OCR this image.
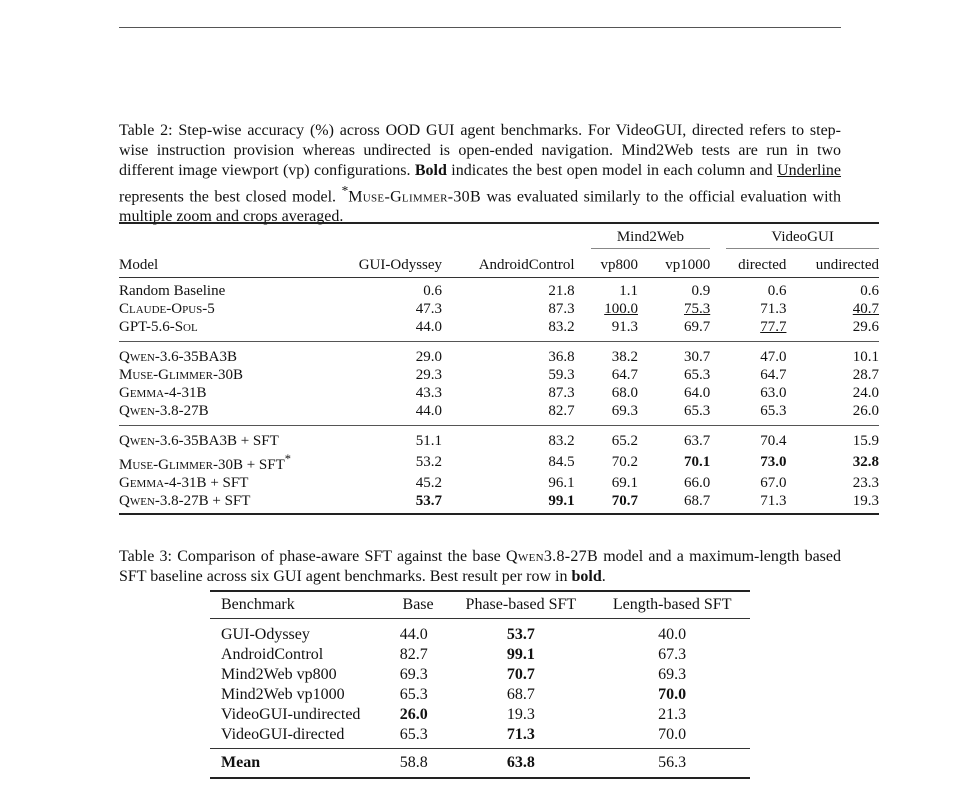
Table 2: Step-wise accuracy (%) across OOD GUI agent benchmarks. For VideoGUI, directed refers to step-wise instruction provision whereas undirected is open-ended navigation. Mind2Web tests are run in two different image viewport (vp) configurations. Bold indicates the best open model in each column and Underline represents the best closed model. *Muse-Glimmer-30B was evaluated similarly to the official evaluation with multiple zoom and crops averaged.

			Mind2Web		VideoGUI	

Model	GUI-Odyssey	AndroidControl	vp800	vp1000	directed	undirected
Random Baseline	0.6	21.8	1.1	0.9	0.6	0.6
Claude-Opus-5	47.3	87.3	100.0	75.3	71.3	40.7
GPT-5.6-Sol	44.0	83.2	91.3	69.7	77.7	29.6
Qwen-3.6-35BA3B	29.0	36.8	38.2	30.7	47.0	10.1
Muse-Glimmer-30B	29.3	59.3	64.7	65.3	64.7	28.7
Gemma-4-31B	43.3	87.3	68.0	64.0	63.0	24.0
Qwen-3.8-27B	44.0	82.7	69.3	65.3	65.3	26.0
Qwen-3.6-35BA3B + SFT	51.1	83.2	65.2	63.7	70.4	15.9
Muse-Glimmer-30B + SFT*	53.2	84.5	70.2	70.1	73.0	32.8
Gemma-4-31B + SFT	45.2	96.1	69.1	66.0	67.0	23.3
Qwen-3.8-27B + SFT	53.7	99.1	70.7	68.7	71.3	19.3

Table 3: Comparison of phase-aware SFT against the base Qwen3.8-27B model and a maximum-length based SFT baseline across six GUI agent benchmarks. Best result per row in bold.

Benchmark	Base	Phase-based SFT	Length-based SFT
GUI-Odyssey	44.0	53.7	40.0
AndroidControl	82.7	99.1	67.3
Mind2Web vp800	69.3	70.7	69.3
Mind2Web vp1000	65.3	68.7	70.0
VideoGUI-undirected	26.0	19.3	21.3
VideoGUI-directed	65.3	71.3	70.0
Mean	58.8	63.8	56.3
